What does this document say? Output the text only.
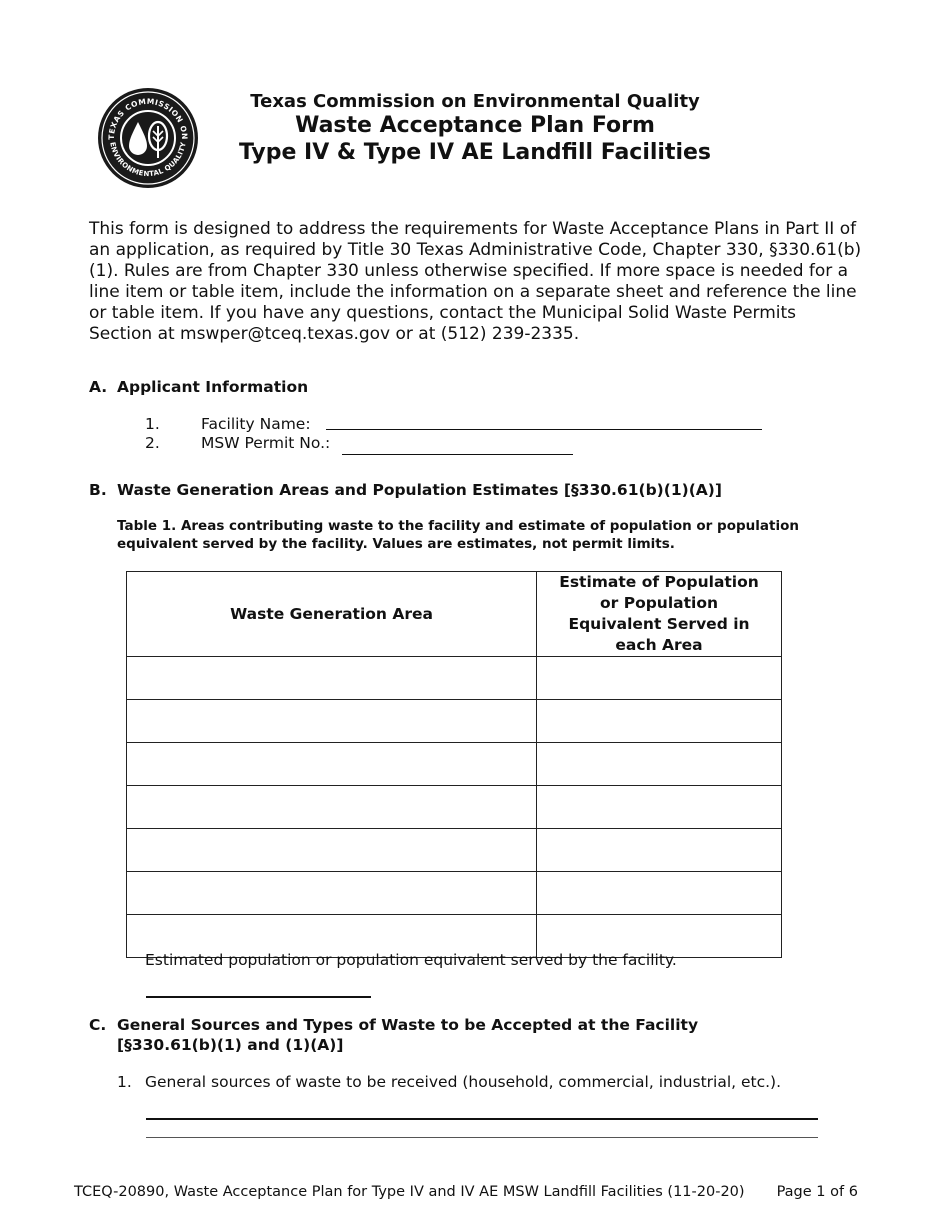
TEXAS COMMISSION ON
ENVIRONMENTAL QUALITY
Texas Commission on Environmental Quality
Waste Acceptance Plan Form
Type IV & Type IV AE Landfill Facilities
This form is designed to address the requirements for Waste Acceptance Plans in Part II of an application, as required by Title 30 Texas Administrative Code, Chapter 330, §330.61(b)(1). Rules are from Chapter 330 unless otherwise specified. If more space is needed for a line item or table item, include the information on a separate sheet and reference the line or table item. If you have any questions, contact the Municipal Solid Waste Permits Section at mswper@tceq.texas.gov or at (512) 239-2335.
A. Applicant Information
1.	Facility Name:
2.	MSW Permit No.:
B. Waste Generation Areas and Population Estimates [§330.61(b)(1)(A)]
Table 1. Areas contributing waste to the facility and estimate of population or population equivalent served by the facility. Values are estimates, not permit limits.
Waste Generation Area	Estimate of Population or Population Equivalent Served in each Area

Estimated population or population equivalent served by the facility.
C. General Sources and Types of Waste to be Accepted at the Facility
[§330.61(b)(1) and (1)(A)]
1. General sources of waste to be received (household, commercial, industrial, etc.).
TCEQ-20890, Waste Acceptance Plan for Type IV and IV AE MSW Landfill Facilities (11-20-20) Page 1 of 6
